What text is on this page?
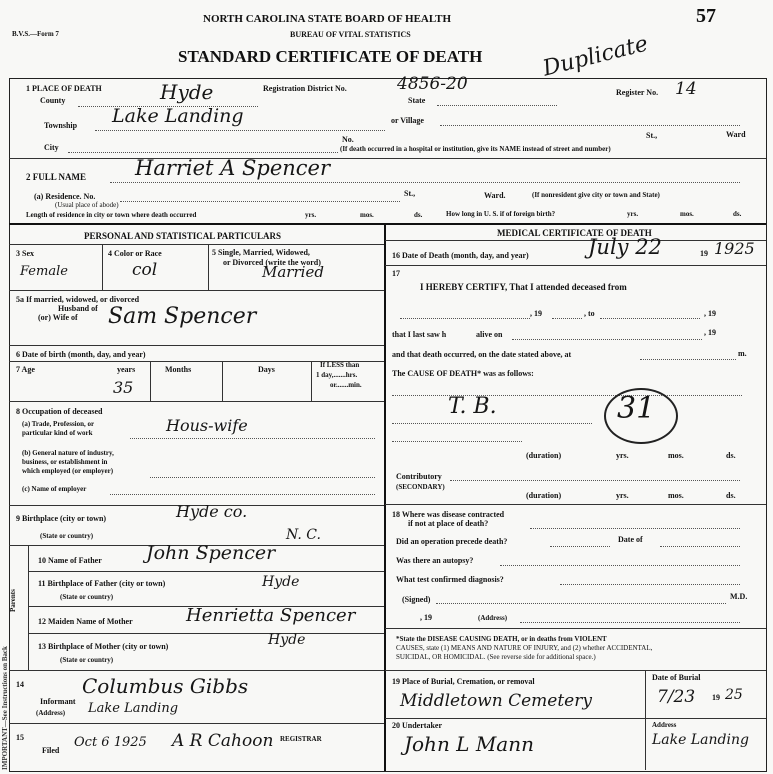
B.V.S.—Form 7
NORTH CAROLINA STATE BOARD OF HEALTH
BUREAU OF VITAL STATISTICS
STANDARD CERTIFICATE OF DEATH
57
Duplicate
1 PLACE OF DEATH
County	Hyde	Registration District No.	4856-20
State
Register No. 14
Township Lake Landing	or Village
City
No.	St.,	Ward
(If death occurred in a hospital or institution, give its NAME instead of street and number)
2 FULL NAME Harriet A Spencer
(a) Residence. No.
(Usual place of abode)
St.,	Ward.	(If nonresident give city or town and State)
Length of residence in city or town where death occurred	yrs.	mos.	ds.	How long in U. S. if of foreign birth?	yrs.	mos.	ds.
PERSONAL AND STATISTICAL PARTICULARS	MEDICAL CERTIFICATE OF DEATH
3 Sex
Female
4 Color or Race
col
5 Single, Married, Widowed,
or Divorced (write the word)
Married
5a If married, widowed, or divorced
Husband of
(or) Wife of Sam Spencer
6 Date of birth (month, day, and year)
7 Age	years	Months	Days	If LESS than
1 day,.......hrs.
or.......min.
35
8 Occupation of deceased
(a) Trade, Profession, or
particular kind of work	Hous-wife
(b) General nature of industry,
business, or establishment in
which employed (or employer)
(c) Name of employer
9 Birthplace (city or town)	Hyde co.
(State or country)	N. C.
Parents
10 Name of Father John Spencer
11 Birthplace of Father (city or town)
(State or country)
Hyde
12 Maiden Name of Mother	Henrietta Spencer
13 Birthplace of Mother (city or town)
(State or country)
Hyde
14
Informant
Columbus Gibbs
(Address) Lake Landing
15
Filed
Oct 6 1925 A R Cahoon REGISTRAR
16 Date of Death (month, day, and year)	July 22	19 1925
17
I HEREBY CERTIFY, That I attended deceased from
, 19	, to	, 19
that I last saw h	alive on	, 19
and that death occurred, on the date stated above, at	m.
The CAUSE OF DEATH* was as follows:
T. B.	31
(duration)	yrs.	mos.	ds.
Contributory
(SECONDARY)
(duration)	yrs.	mos.	ds.
18 Where was disease contracted
if not at place of death?
Did an operation precede death?	Date of
Was there an autopsy?
What test confirmed diagnosis?
(Signed)	M.D.
, 19	(Address)
*State the DISEASE CAUSING DEATH, or in deaths from VIOLENT
CAUSES, state (1) MEANS AND NATURE OF INJURY, and (2) whether ACCIDENTAL,
SUICIDAL, OR HOMICIDAL. (See reverse side for additional space.)
19 Place of Burial, Cremation, or removal
Middletown Cemetery
Date of Burial
7/23 19 25
20 Undertaker
John L Mann
Address
Lake Landing
IMPORTANT—See Instructions on Back
